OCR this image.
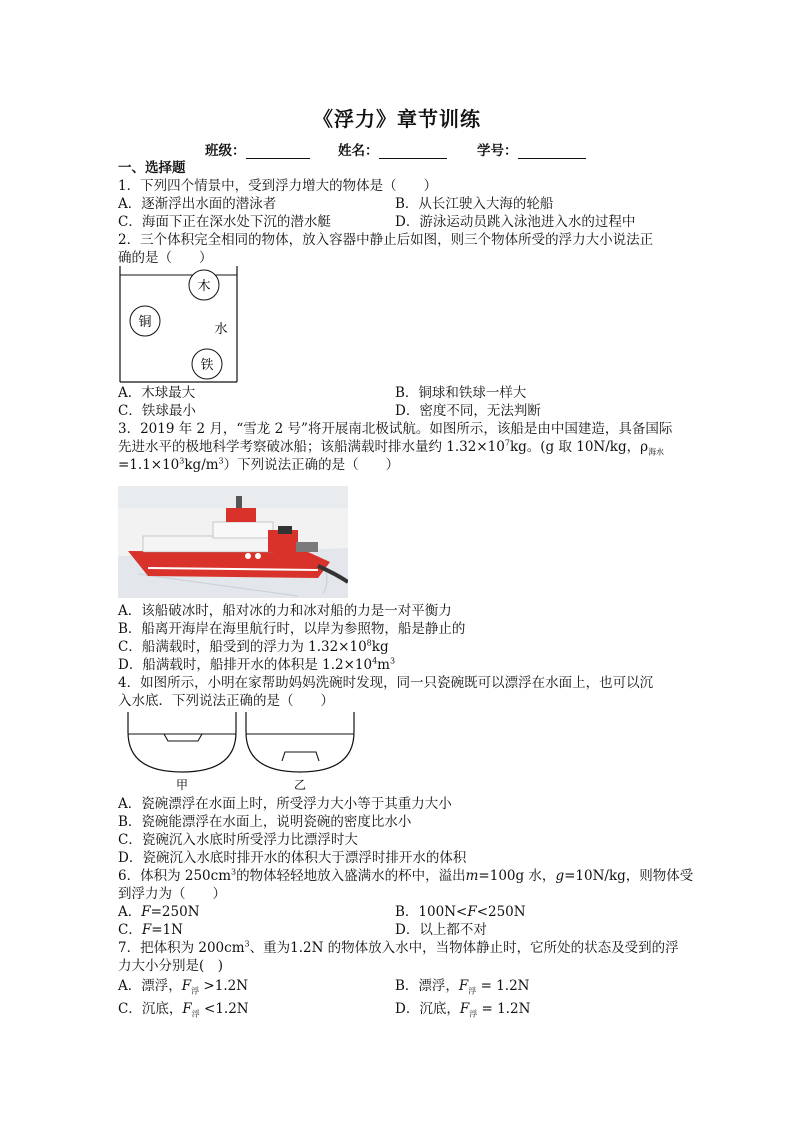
《浮力》章节训练
班级：	姓名：	学号：
一、选择题
1．下列四个情景中，受到浮力增大的物体是（　　）
A．逐渐浮出水面的潜泳者	B．从长江驶入大海的轮船
C．海面下正在深水处下沉的潜水艇	D．游泳运动员跳入泳池进入水的过程中
2．三个体积完全相同的物体，放入容器中静止后如图，则三个物体所受的浮力大小说法正
确的是（　　）
木
铜	水
铁
A．木球最大	B．铜球和铁球一样大
C．铁球最小	D．密度不同，无法判断
3．2019 年 2 月，“雪龙 2 号”将开展南北极试航。如图所示，该船是由中国建造，具备国际
先进水平的极地科学考察破冰船；该船满载时排水量约 $1.32\times 10^7kg$。(g 取 10N/kg，$\rho_{海水}$
$=1.1\times 10^3kg/m^3$）下列说法正确的是（　　）
A．该船破冰时，船对冰的力和冰对船的力是一对平衡力
B．船离开海岸在海里航行时，以岸为参照物，船是静止的
C．船满载时，船受到的浮力为 $1.32\times 10^8kg$
D．船满载时，船排开水的体积是 $1.2\times 10^4m^3$
4．如图所示，小明在家帮助妈妈洗碗时发现，同一只瓷碗既可以漂浮在水面上，也可以沉
入水底．下列说法正确的是（　　）
甲	乙
A．瓷碗漂浮在水面上时，所受浮力大小等于其重力大小
B．瓷碗能漂浮在水面上，说明瓷碗的密度比水小
C．瓷碗沉入水底时所受浮力比漂浮时大
D．瓷碗沉入水底时排开水的体积大于漂浮时排开水的体积
6．体积为 $250cm^3$的物体轻轻地放入盛满水的杯中，溢出m=100g 水，g=10N/kg，则物体受
到浮力为（　　）
A．F=250N	B．100N<F<250N
C．F=1N	D．以上都不对
7．把体积为 $200cm^3$、重为1.2N 的物体放入水中，当物体静止时，它所处的状态及受到的浮
力大小分别是(　)
A．漂浮，$F_浮 >1.2N$	B．漂浮，$F_浮 = 1.2N$
C．沉底，$F_浮 <1.2N$	D．沉底，$F_浮 = 1.2N$
